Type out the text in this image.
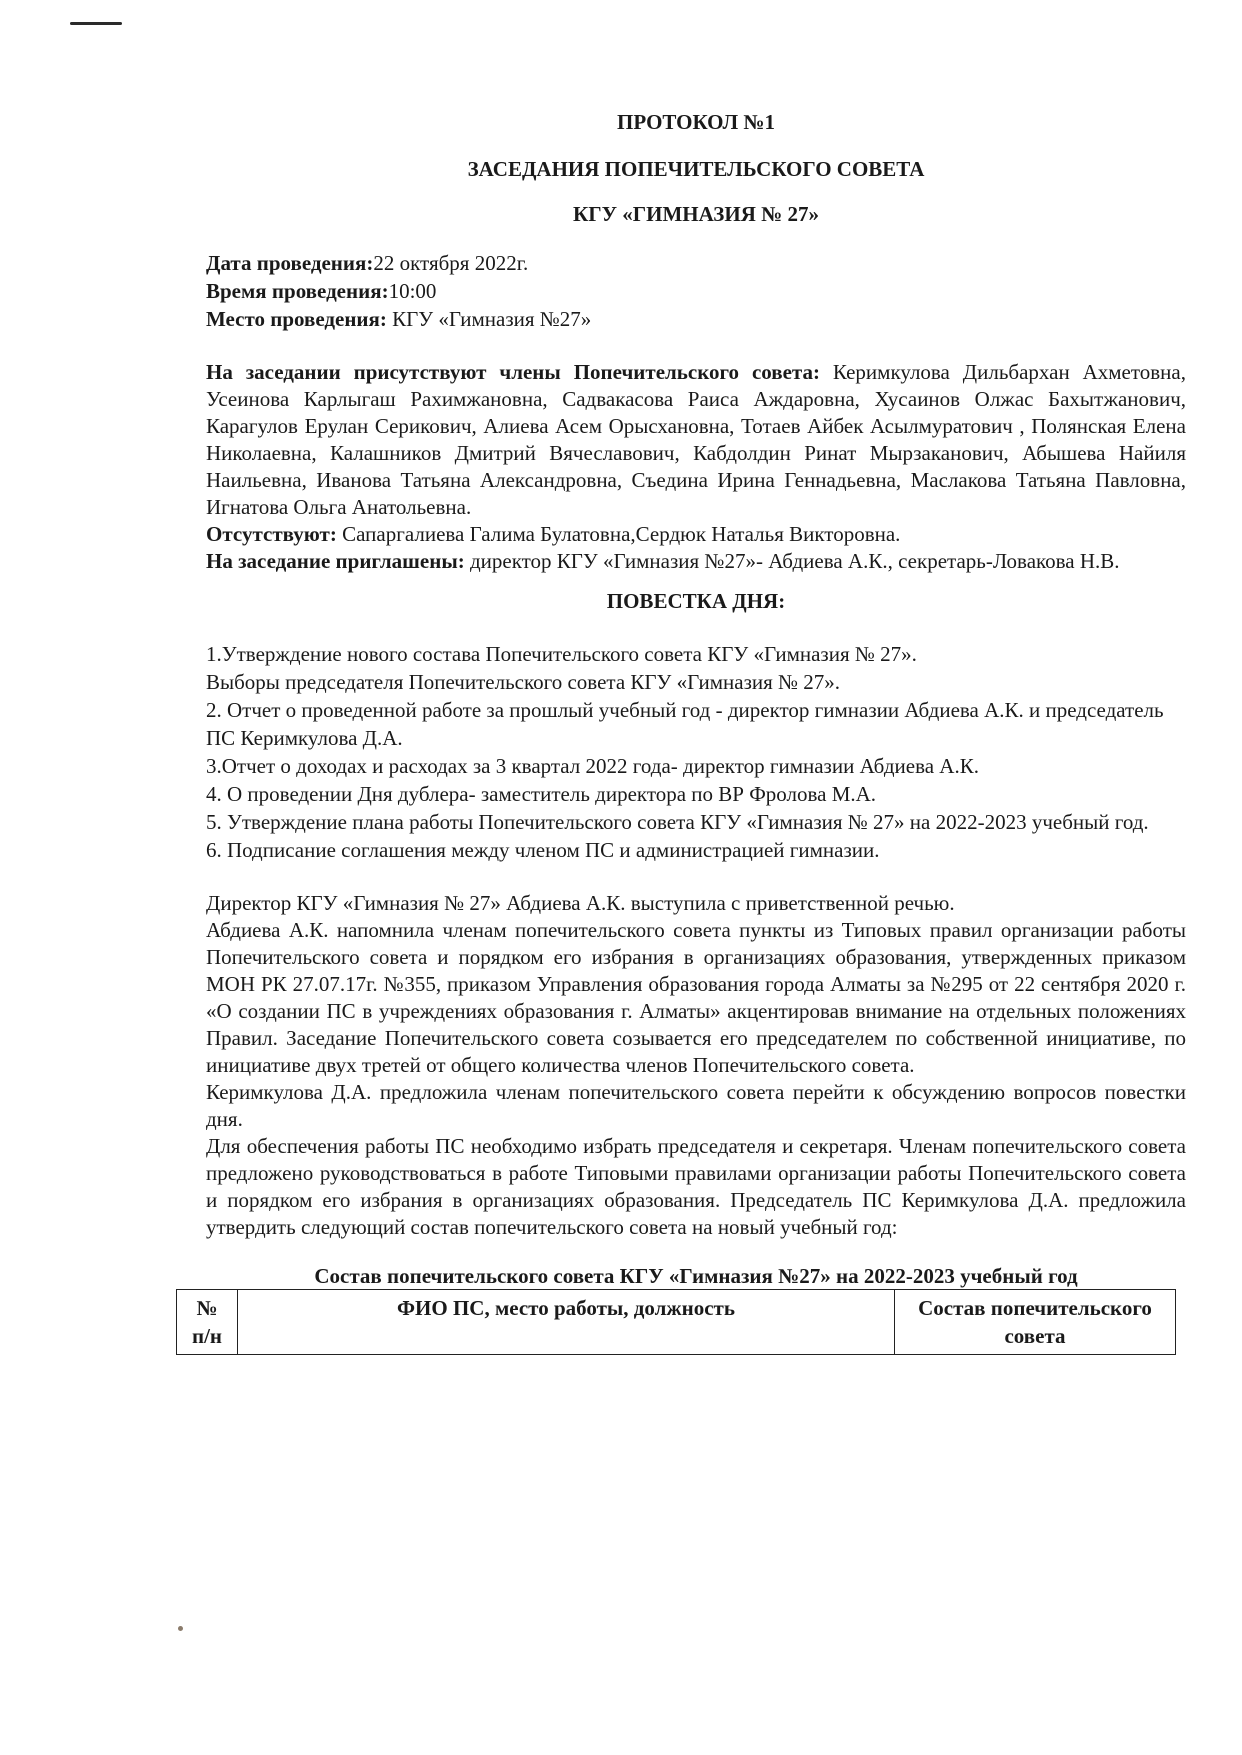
ПРОТОКОЛ №1
ЗАСЕДАНИЯ ПОПЕЧИТЕЛЬСКОГО СОВЕТА
КГУ «ГИМНАЗИЯ № 27»
Дата проведения:22 октября 2022г.
Время проведения:10:00
Место проведения: КГУ «Гимназия №27»

На заседании присутствуют члены Попечительского совета: Керимкулова Дильбархан Ахметовна, Усеинова Карлыгаш Рахимжановна, Садвакасова Раиса Аждаровна, Хусаинов Олжас Бахытжанович, Карагулов Ерулан Серикович, Алиева Асем Орысхановна, Тотаев Айбек Асылмуратович , Полянская Елена Николаевна, Калашников Дмитрий Вячеславович, Кабдолдин Ринат Мырзаканович, Абышева Найиля Наильевна, Иванова Татьяна Александровна, Съедина Ирина Геннадьевна, Маслакова Татьяна Павловна, Игнатова Ольга Анатольевна.

Отсутствуют: Сапаргалиева Галима Булатовна,Сердюк Наталья Викторовна.

На заседание приглашены: директор КГУ «Гимназия №27»- Абдиева А.К., секретарь-Ловакова Н.В.

ПОВЕСТКА ДНЯ:

1.Утверждение нового состава Попечительского совета КГУ «Гимназия № 27».

Выборы председателя Попечительского совета КГУ «Гимназия № 27».

2. Отчет о проведенной работе за прошлый учебный год - директор гимназии Абдиева А.К. и председатель ПС Керимкулова Д.А.

3.Отчет о доходах и расходах за 3 квартал 2022 года- директор гимназии Абдиева А.К.

4. О проведении Дня дублера- заместитель директора по ВР Фролова М.А.

5. Утверждение плана работы Попечительского совета КГУ «Гимназия № 27» на 2022-2023 учебный год.

6. Подписание соглашения между членом ПС и администрацией гимназии.

Директор КГУ «Гимназия № 27» Абдиева А.К. выступила с приветственной речью.

Абдиева А.К. напомнила членам попечительского совета пункты из Типовых правил организации работы Попечительского совета и порядком его избрания в организациях образования, утвержденных приказом МОН РК 27.07.17г. №355, приказом Управления образования города Алматы за №295 от 22 сентября 2020 г. «О создании ПС в учреждениях образования г. Алматы» акцентировав внимание на отдельных положениях Правил. Заседание Попечительского совета созывается его председателем по собственной инициативе, по инициативе двух третей от общего количества членов Попечительского совета.

Керимкулова Д.А. предложила членам попечительского совета перейти к обсуждению вопросов повестки дня.

Для обеспечения работы ПС необходимо избрать председателя и секретаря. Членам попечительского совета предложено руководствоваться в работе Типовыми правилами организации работы Попечительского совета и порядком его избрания в организациях образования. Председатель ПС Керимкулова Д.А. предложила утвердить следующий состав попечительского совета на новый учебный год:

Состав попечительского совета КГУ «Гимназия №27» на 2022-2023 учебный год
№ п/н	ФИО ПС, место работы, должность	Состав попечительского совета
